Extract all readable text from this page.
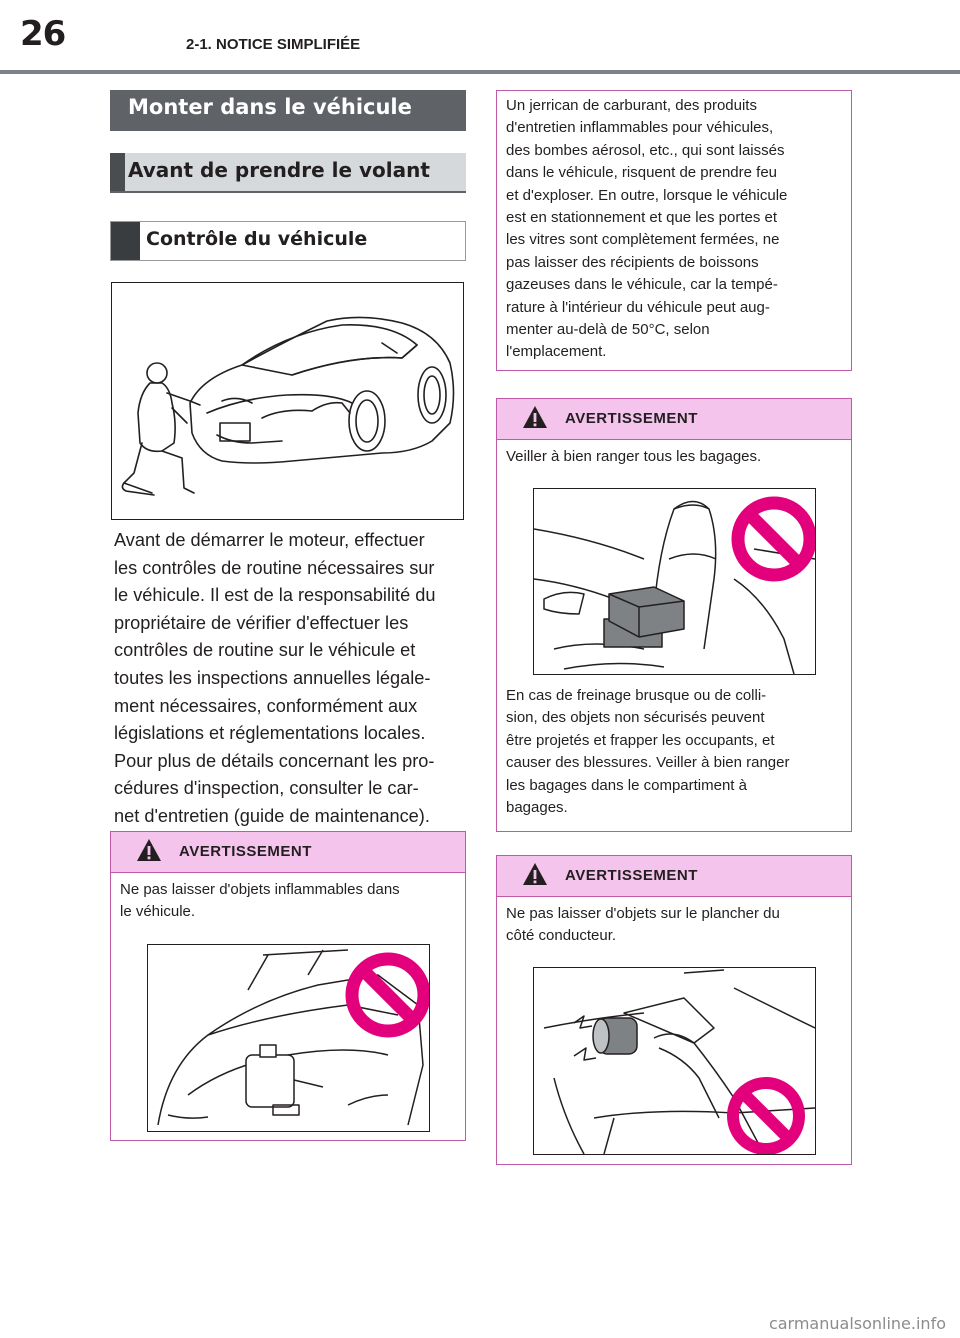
26	2-1. NOTICE SIMPLIFIÉE
Monter dans le véhicule
Avant de prendre le volant
Contrôle du véhicule
Avant de démarrer le moteur, effectuer
les contrôles de routine nécessaires sur
le véhicule. Il est de la responsabilité du
propriétaire de vérifier d'effectuer les
contrôles de routine sur le véhicule et
toutes les inspections annuelles légale-
ment nécessaires, conformément aux
législations et réglementations locales.
Pour plus de détails concernant les pro-
cédures d'inspection, consulter le car-
net d'entretien (guide de maintenance).
AVERTISSEMENT
Ne pas laisser d'objets inflammables dans
le véhicule.
Un jerrican de carburant, des produits
d'entretien inflammables pour véhicules,
des bombes aérosol, etc., qui sont laissés
dans le véhicule, risquent de prendre feu
et d'exploser. En outre, lorsque le véhicule
est en stationnement et que les portes et
les vitres sont complètement fermées, ne
pas laisser des récipients de boissons
gazeuses dans le véhicule, car la tempé-
rature à l'intérieur du véhicule peut aug-
menter au-delà de 50°C, selon
l'emplacement.
AVERTISSEMENT
Veiller à bien ranger tous les bagages.
En cas de freinage brusque ou de colli-
sion, des objets non sécurisés peuvent
être projetés et frapper les occupants, et
causer des blessures. Veiller à bien ranger
les bagages dans le compartiment à
bagages.
AVERTISSEMENT
Ne pas laisser d'objets sur le plancher du
côté conducteur.
carmanualsonline.info
